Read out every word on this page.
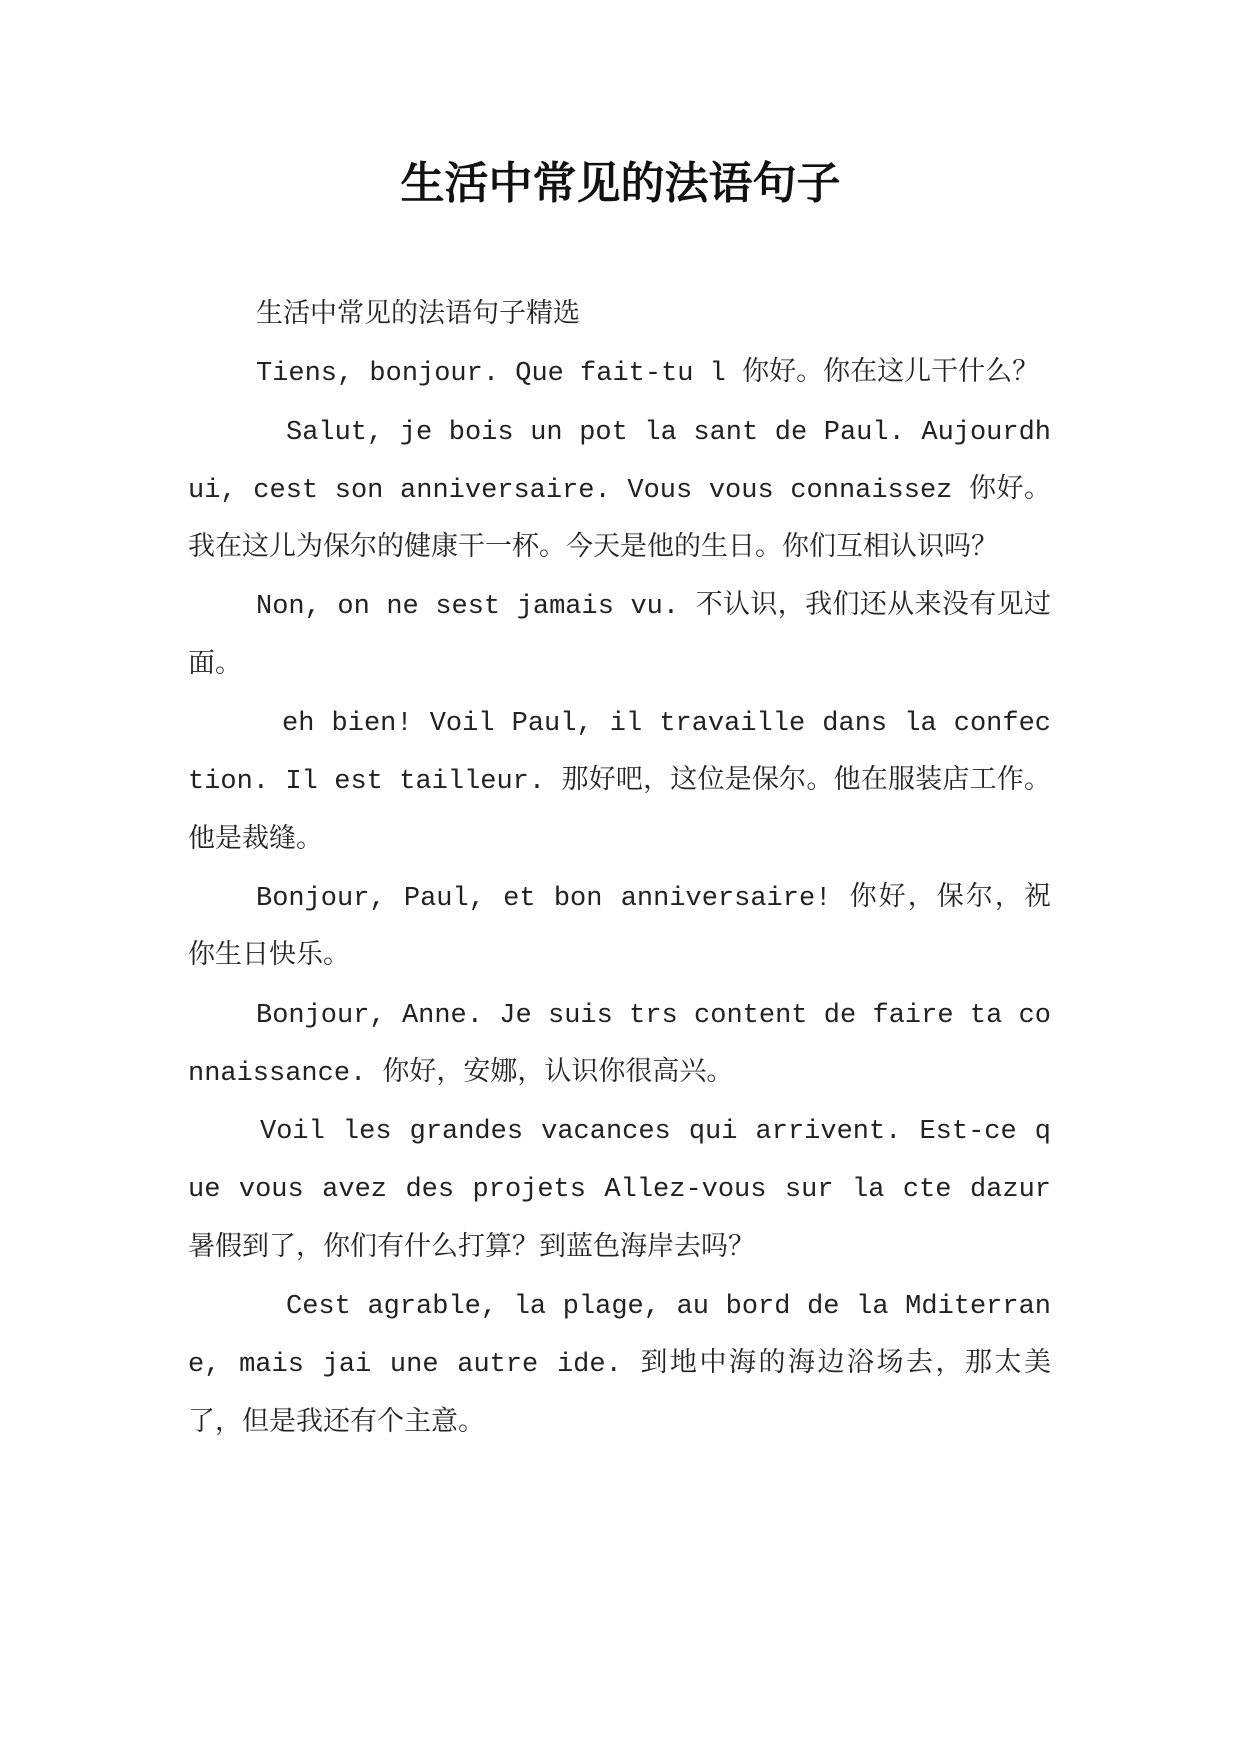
生活中常见的法语句子

生活中常见的法语句子精选

Tiens, bonjour. Que fait-tu l 你好。你在这儿干什么？

Salut, je bois un pot la sant de Paul. Aujourdhui, cest son anniversaire. Vous vous connaissez 你好。我在这儿为保尔的健康干一杯。今天是他的生日。你们互相认识吗？

Non, on ne sest jamais vu. 不认识，我们还从来没有见过面。

eh bien! Voil Paul, il travaille dans la confection. Il est tailleur. 那好吧，这位是保尔。他在服装店工作。他是裁缝。

Bonjour, Paul, et bon anniversaire! 你好，保尔，祝你生日快乐。

Bonjour, Anne. Je suis trs content de faire ta connaissance. 你好，安娜，认识你很高兴。

Voil les grandes vacances qui arrivent. Est-ce que vous avez des projets Allez-vous sur la cte dazur 暑假到了，你们有什么打算？到蓝色海岸去吗？

Cest agrable, la plage, au bord de la Mditerrane, mais jai une autre ide. 到地中海的海边浴场去，那太美了，但是我还有个主意。
